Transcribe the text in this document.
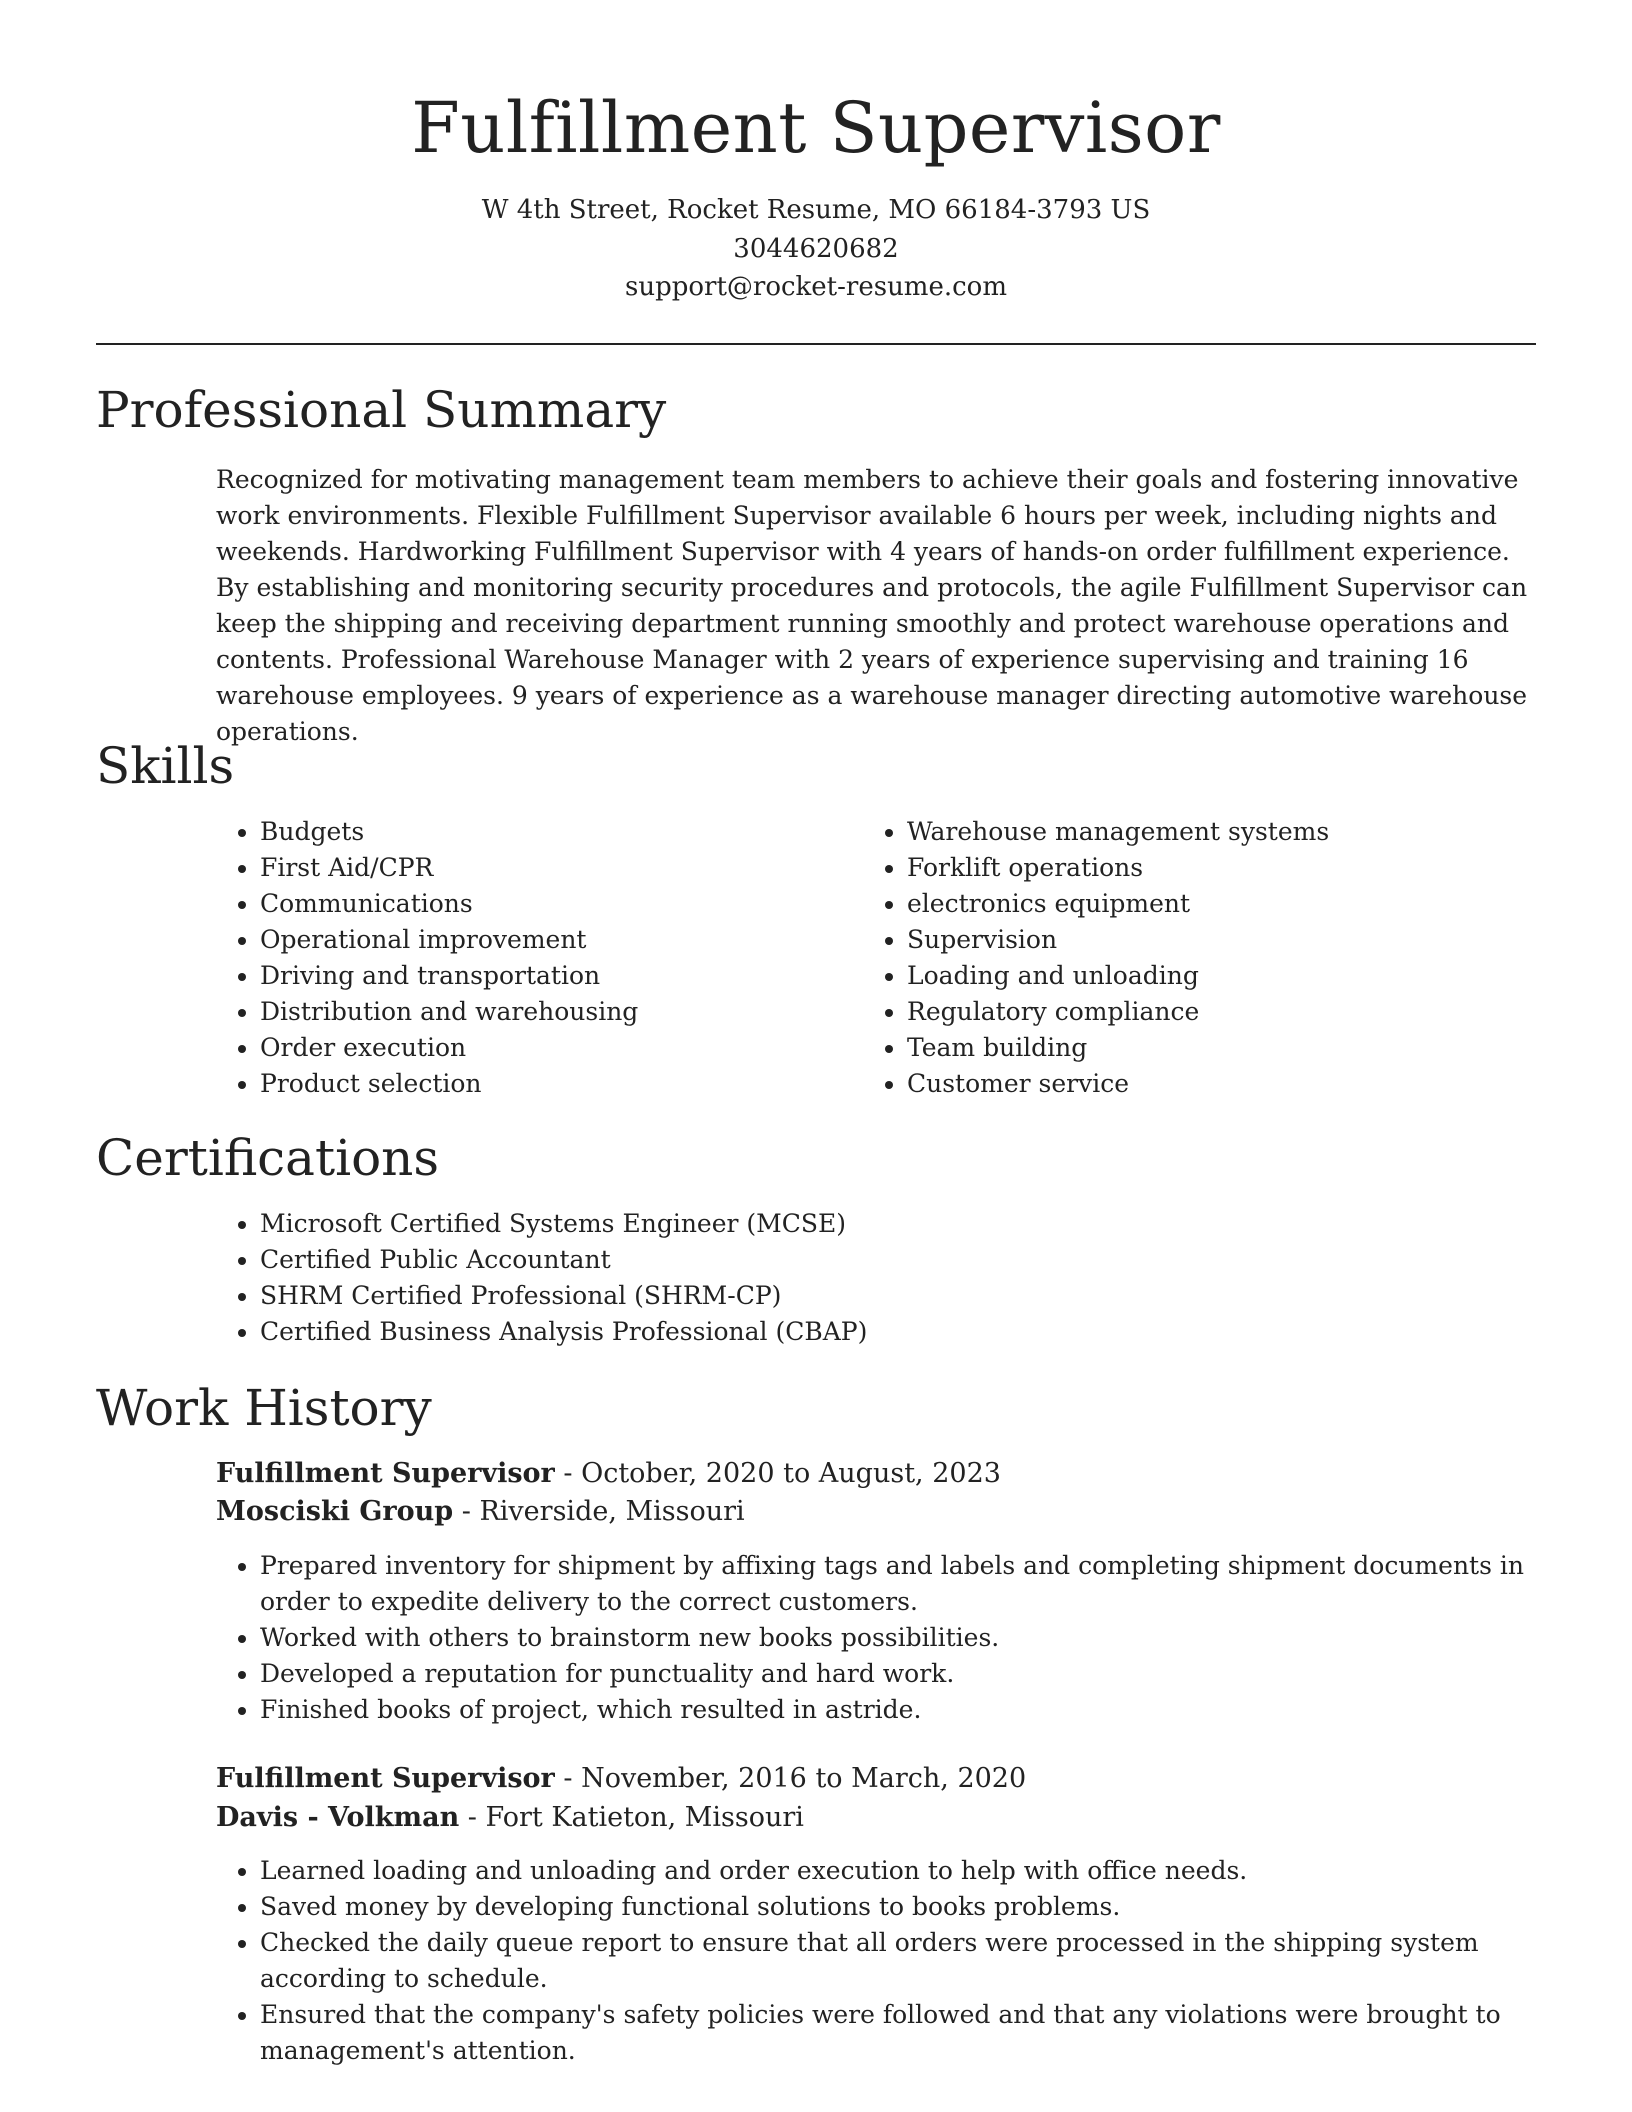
Fulfillment Supervisor
W 4th Street, Rocket Resume, MO 66184-3793 US
3044620682
support@rocket-resume.com
Professional Summary
Recognized for motivating management team members to achieve their goals and fostering innovative work environments. Flexible Fulfillment Supervisor available 6 hours per week, including nights and weekends. Hardworking Fulfillment Supervisor with 4 years of hands-on order fulfillment experience. By establishing and monitoring security procedures and protocols, the agile Fulfillment Supervisor can keep the shipping and receiving department running smoothly and protect warehouse operations and contents. Professional Warehouse Manager with 2 years of experience supervising and training 16 warehouse employees. 9 years of experience as a warehouse manager directing automotive warehouse operations.
Skills
• Budgets
• First Aid/CPR
• Communications
• Operational improvement
• Driving and transportation
• Distribution and warehousing
• Order execution
• Product selection
• Warehouse management systems
• Forklift operations
• electronics equipment
• Supervision
• Loading and unloading
• Regulatory compliance
• Team building
• Customer service
Certifications
• Microsoft Certified Systems Engineer (MCSE)
• Certified Public Accountant
• SHRM Certified Professional (SHRM-CP)
• Certified Business Analysis Professional (CBAP)
Work History
Fulfillment Supervisor - October, 2020 to August, 2023
Mosciski Group - Riverside, Missouri
• Prepared inventory for shipment by affixing tags and labels and completing shipment documents in order to expedite delivery to the correct customers.
• Worked with others to brainstorm new books possibilities.
• Developed a reputation for punctuality and hard work.
• Finished books of project, which resulted in astride.
Fulfillment Supervisor - November, 2016 to March, 2020
Davis - Volkman - Fort Katieton, Missouri
• Learned loading and unloading and order execution to help with office needs.
• Saved money by developing functional solutions to books problems.
• Checked the daily queue report to ensure that all orders were processed in the shipping system according to schedule.
• Ensured that the company's safety policies were followed and that any violations were brought to management's attention.
